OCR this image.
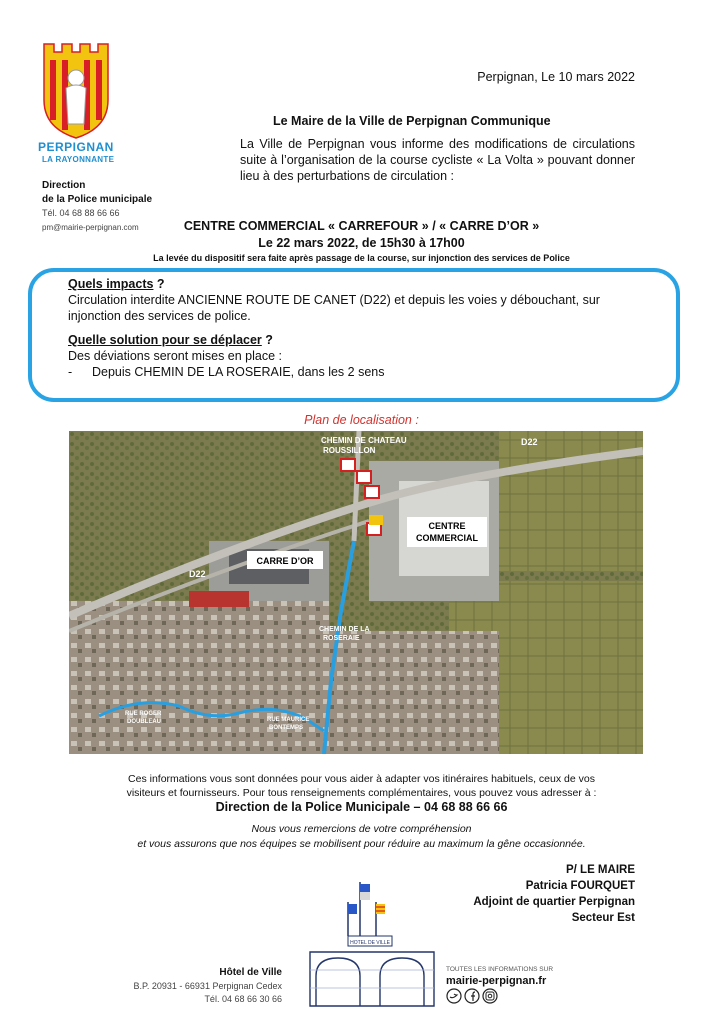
PERPIGNAN
LA RAYONNANTE
Direction
de la Police municipale
Tél. 04 68 88 66 66
pm@mairie-perpignan.com
Perpignan, Le 10 mars 2022
Le Maire de la Ville de Perpignan Communique
La Ville de Perpignan vous informe des modifications de circulations suite à l’organisation de la course cycliste « La Volta » pouvant donner lieu à des perturbations de circulation :
CENTRE COMMERCIAL « CARREFOUR » / « CARRE D’OR »
Le 22 mars 2022, de 15h30 à 17h00
La levée du dispositif sera faite après passage de la course, sur injonction des services de Police

Quels impacts ?

Circulation interdite ANCIENNE ROUTE DE CANET (D22) et depuis les voies y débouchant, sur injonction des services de police.

Quelle solution pour se déplacer ?

Des déviations seront mises en place :

- Depuis CHEMIN DE LA ROSERAIE, dans les 2 sens

Plan de localisation :
CHEMIN DE CHATEAU
ROUSSILLON
D22
D22
CHEMIN DE LA
ROSERAIE
RUE ROGER
DOUBLEAU	RUE MAURICE
BONTEMPS
CENTRE
COMMERCIAL
CARRE D’OR
Ces informations vous sont données pour vous aider à adapter vos itinéraires habituels, ceux de vos
visiteurs et fournisseurs. Pour tous renseignements complémentaires, vous pouvez vous adresser à :
Direction de la Police Municipale – 04 68 88 66 66
Nous vous remercions de votre compréhension
et vous assurons que nos équipes se mobilisent pour réduire au maximum la gêne occasionnée.
P/ LE MAIRE
Patricia FOURQUET
Adjoint de quartier Perpignan
Secteur Est
HOTEL DE VILLE
Hôtel de Ville
B.P. 20931 - 66931 Perpignan Cedex
Tél. 04 68 66 30 66
TOUTES LES INFORMATIONS SUR
mairie-perpignan.fr
